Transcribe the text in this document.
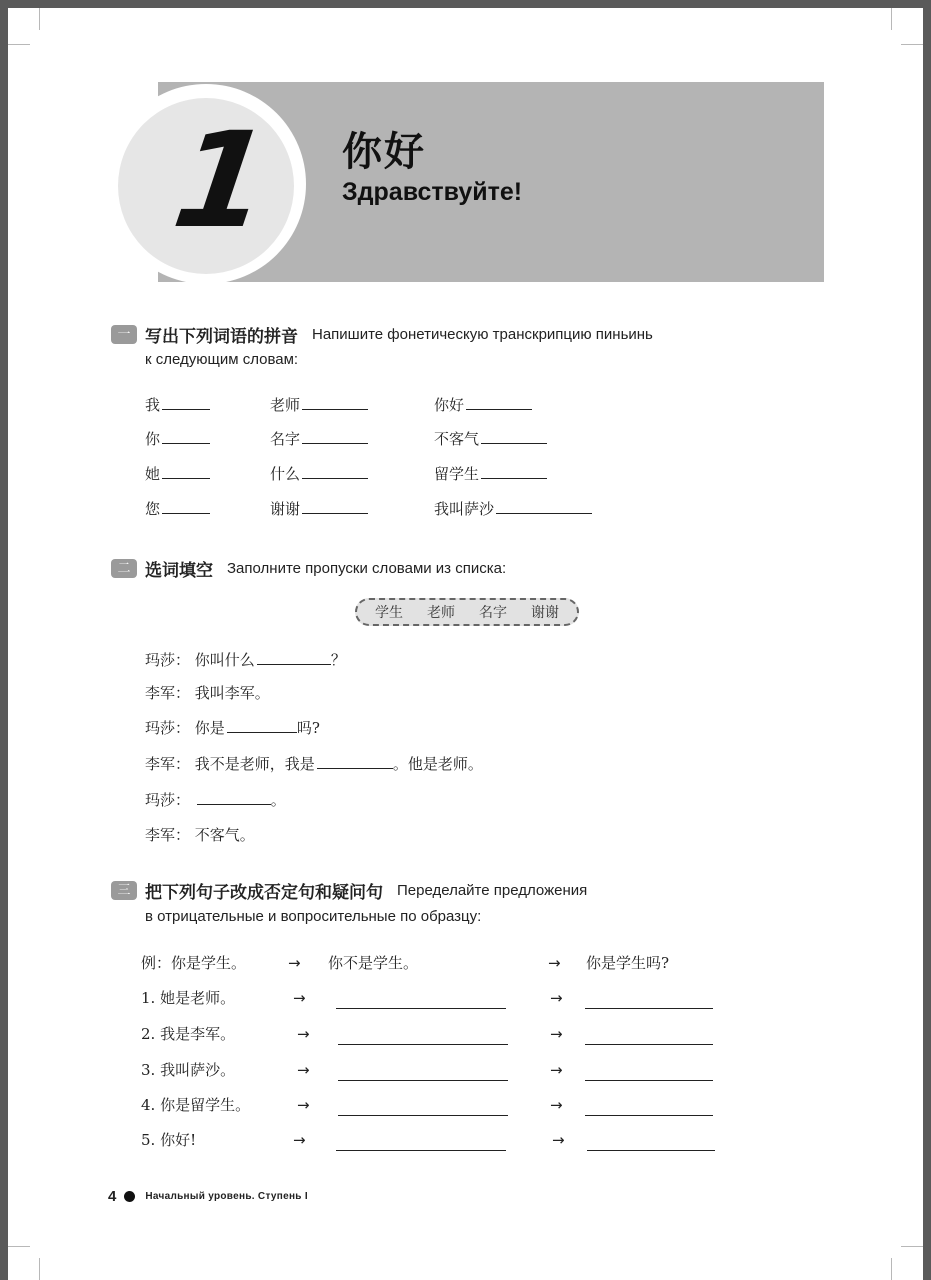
1 你好
Здравствуйте!
一 写出下列词语的拼音 Напишите фонетическую транскрипцию пиньинь
к следующим словам:
我	老师	你好
你	名字	不客气
她	什么	留学生
您	谢谢	我叫萨沙
二 选词填空 Заполните пропуски словами из списка:
学生 老师 名字 谢谢
玛莎： 你叫什么	？
李军： 我叫李军。
玛莎： 你是	吗?
李军： 我不是老师，我是	。他是老师。
玛莎：	。
李军： 不客气。
三 把下列句子改成否定句和疑问句 Переделайте предложения
в отрицательные и вопросительные по образцу:
例：你是学生。	→ 你不是学生。	→ 你是学生吗?
1. 她是老师。	→	→
2. 我是李军。	→	→
3. 我叫萨沙。	→	→
4. 你是留学生。	→	→
5. 你好!	→	→
4	Начальный уровень. Ступень I
